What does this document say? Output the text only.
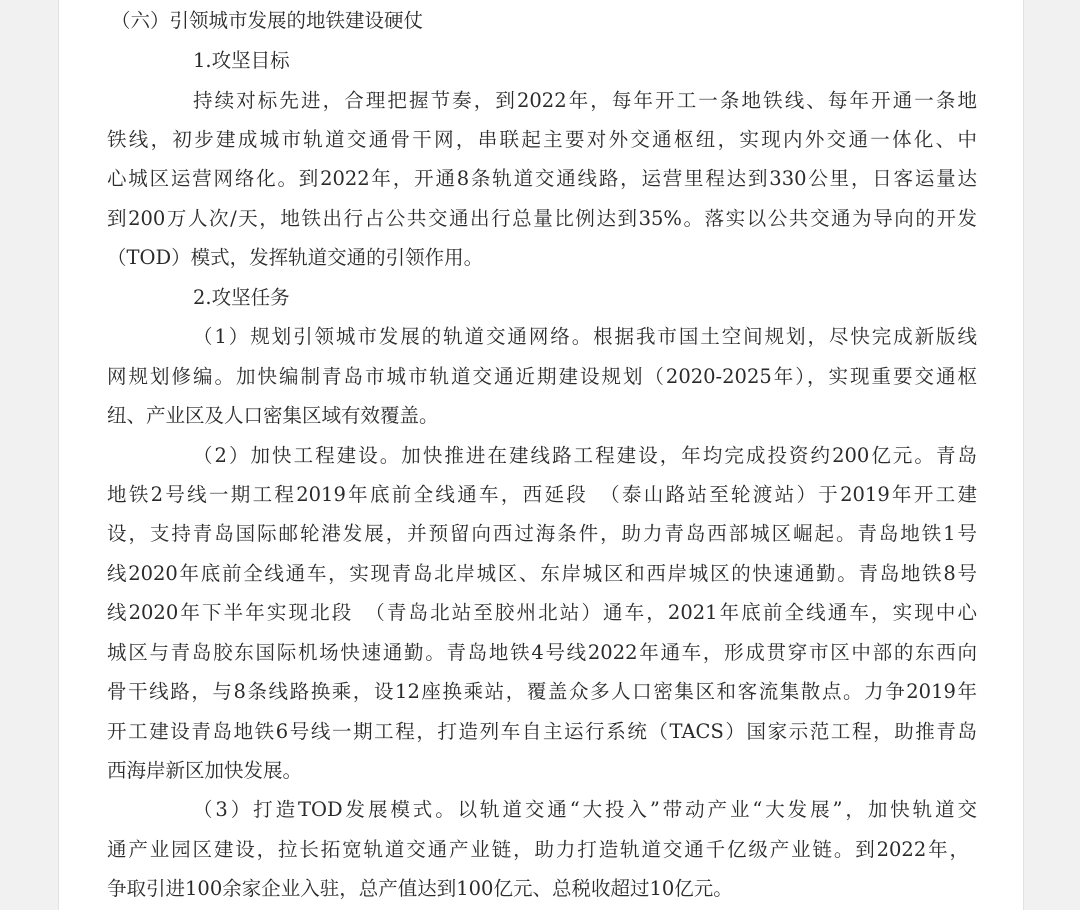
（六）引领城市发展的地铁建设硬仗
1.攻坚目标
持续对标先进，合理把握节奏，到2022年，每年开工一条地铁线、每年开通一条地
铁线，初步建成城市轨道交通骨干网，串联起主要对外交通枢纽，实现内外交通一体化、中
心城区运营网络化。到2022年，开通8条轨道交通线路，运营里程达到330公里，日客运量达
到200万人次/天，地铁出行占公共交通出行总量比例达到35%。落实以公共交通为导向的开发
（TOD）模式，发挥轨道交通的引领作用。
2.攻坚任务
（1）规划引领城市发展的轨道交通网络。根据我市国土空间规划，尽快完成新版线
网规划修编。加快编制青岛市城市轨道交通近期建设规划（2020-2025年），实现重要交通枢
纽、产业区及人口密集区域有效覆盖。
（2）加快工程建设。加快推进在建线路工程建设，年均完成投资约200亿元。青岛
地铁2号线一期工程2019年底前全线通车，西延段　（泰山路站至轮渡站）于2019年开工建
设，支持青岛国际邮轮港发展，并预留向西过海条件，助力青岛西部城区崛起。青岛地铁1号
线2020年底前全线通车，实现青岛北岸城区、东岸城区和西岸城区的快速通勤。青岛地铁8号
线2020年下半年实现北段　（青岛北站至胶州北站）通车，2021年底前全线通车，实现中心
城区与青岛胶东国际机场快速通勤。青岛地铁4号线2022年通车，形成贯穿市区中部的东西向
骨干线路，与8条线路换乘，设12座换乘站，覆盖众多人口密集区和客流集散点。力争2019年
开工建设青岛地铁6号线一期工程，打造列车自主运行系统（TACS）国家示范工程，助推青岛
西海岸新区加快发展。
（3）打造TOD发展模式。以轨道交通“大投入”带动产业“大发展”，加快轨道交
通产业园区建设，拉长拓宽轨道交通产业链，助力打造轨道交通千亿级产业链。到2022年，
争取引进100余家企业入驻，总产值达到100亿元、总税收超过10亿元。
